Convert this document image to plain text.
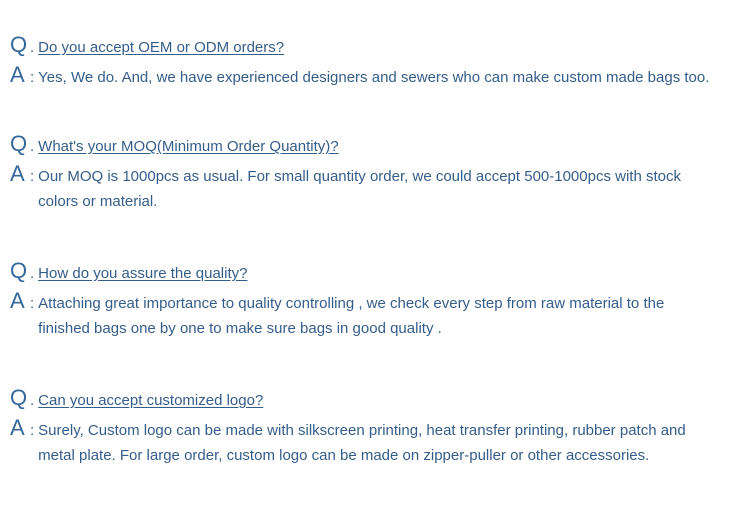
Q . Do you accept OEM or ODM orders?
A : Yes, We do. And, we have experienced designers and sewers who can make custom made bags too.
Q . What's your MOQ(Minimum Order Quantity)?
A : Our MOQ is 1000pcs as usual. For small quantity order, we could accept 500-1000pcs with stock
colors or material.
Q . How do you assure the quality?
A : Attaching great importance to quality controlling , we check every step from raw material to the
finished bags one by one to make sure bags in good quality .
Q . Can you accept customized logo?
A : Surely, Custom logo can be made with silkscreen printing, heat transfer printing, rubber patch and
metal plate. For large order, custom logo can be made on zipper-puller or other accessories.
